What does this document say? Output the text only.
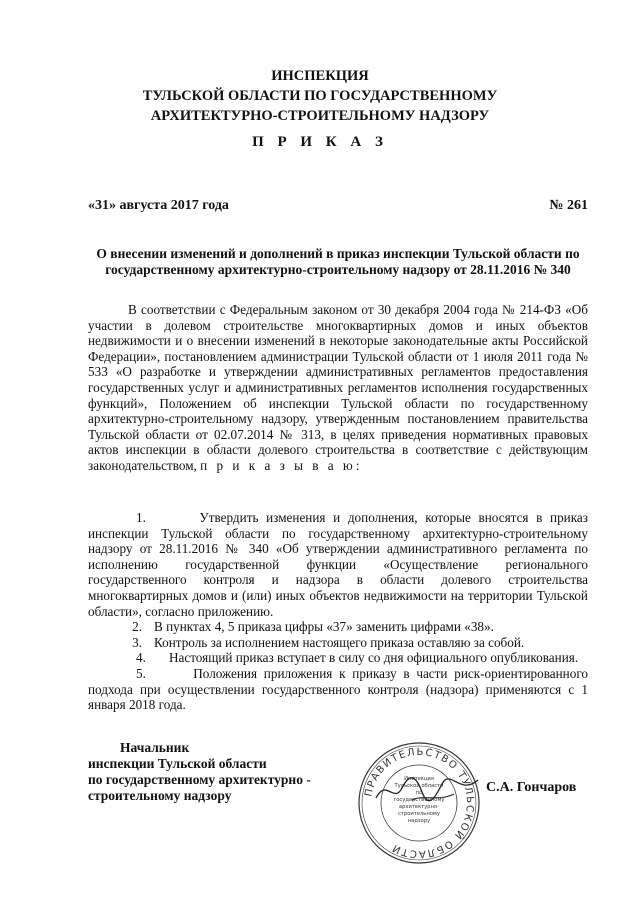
ИНСПЕКЦИЯ
ТУЛЬСКОЙ ОБЛАСТИ ПО ГОСУДАРСТВЕННОМУ
АРХИТЕКТУРНО-СТРОИТЕЛЬНОМУ НАДЗОРУ
П Р И К А З
«31» августа 2017 года	№ 261
О внесении изменений и дополнений в приказ инспекции Тульской области по государственному архитектурно-строительному надзору от 28.11.2016 № 340
В соответствии с Федеральным законом от 30 декабря 2004 года № 214-ФЗ «Об участии в долевом строительстве многоквартирных домов и иных объектов недвижимости и о внесении изменений в некоторые законодательные акты Российской Федерации», постановлением администрации Тульской области от 1 июля 2011 года № 533 «О разработке и утверждении административных регламентов предоставления государственных услуг и административных регламентов исполнения государственных функций», Положением об инспекции Тульской области по государственному архитектурно-строительному надзору, утвержденным постановлением правительства Тульской области от 02.07.2014 № 313, в целях приведения нормативных правовых актов инспекции в области долевого строительства в соответствие с действующим законодательством, п р и к а з ы в а ю:
1.	Утвердить изменения и дополнения, которые вносятся в приказ инспекции Тульской области по государственному архитектурно-строительному надзору от 28.11.2016 № 340 «Об утверждении административного регламента по исполнению государственной функции «Осуществление регионального государственного контроля и надзора в области долевого строительства многоквартирных домов и (или) иных объектов недвижимости на территории Тульской области», согласно приложению.
2. В пунктах 4, 5 приказа цифры «37» заменить цифрами «38».
3. Контроль за исполнением настоящего приказа оставляю за собой.
4. Настоящий приказ вступает в силу со дня официального опубликования.
5.	Положения приложения к приказу в части риск-ориентированного подхода при осуществлении государственного контроля (надзора) применяются с 1 января 2018 года.
Начальник
инспекции Тульской области
по государственному архитектурно -
строительному надзору	ПРАВИТЕЛЬСТВО ТУЛЬСКОЙ ОБЛАСТИ
Инспекция
Тульской области
по
государственному
архитектурно-
строительному
надзору
С.А. Гончаров
